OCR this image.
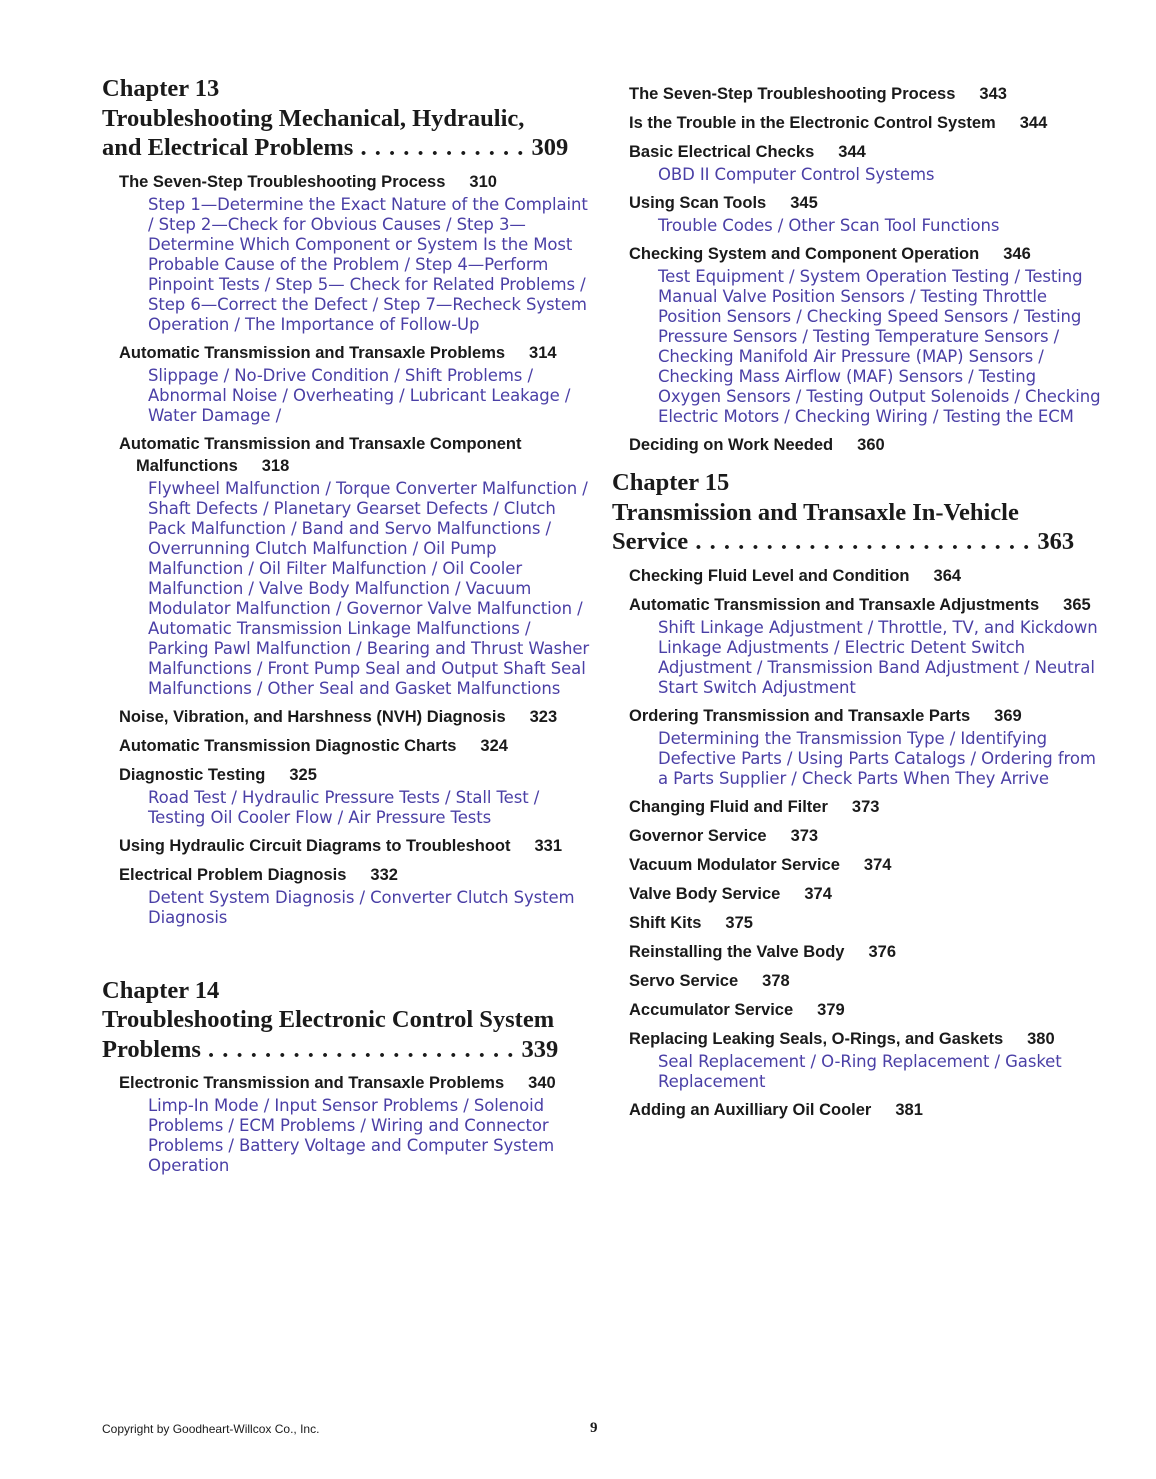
Chapter 13
Troubleshooting Mechanical, Hydraulic,
and Electrical Problems . . . . . . . . . . . . 309
The Seven-Step Troubleshooting Process 310
Step 1—Determine the Exact Nature of the Complaint / Step 2—Check for Obvious Causes / Step 3—Determine Which Component or System Is the Most Probable Cause of the Problem / Step 4—Perform Pinpoint Tests / Step 5— Check for Related Problems / Step 6—Correct the Defect / Step 7—Recheck System Operation / The Importance of Follow-Up
Automatic Transmission and Transaxle Problems 314
Slippage / No-Drive Condition / Shift Problems / Abnormal Noise / Overheating / Lubricant Leakage / Water Damage /
Automatic Transmission and Transaxle Component Malfunctions 318
Flywheel Malfunction / Torque Converter Malfunction / Shaft Defects / Planetary Gearset Defects / Clutch Pack Malfunction / Band and Servo Malfunctions / Overrunning Clutch Malfunction / Oil Pump Malfunction / Oil Filter Malfunction / Oil Cooler Malfunction / Valve Body Malfunction / Vacuum Modulator Malfunction / Governor Valve Malfunction / Automatic Transmission Linkage Malfunctions / Parking Pawl Malfunction / Bearing and Thrust Washer Malfunctions / Front Pump Seal and Output Shaft Seal Malfunctions / Other Seal and Gasket Malfunctions
Noise, Vibration, and Harshness (NVH) Diagnosis 323
Automatic Transmission Diagnostic Charts 324
Diagnostic Testing 325
Road Test / Hydraulic Pressure Tests / Stall Test / Testing Oil Cooler Flow / Air Pressure Tests
Using Hydraulic Circuit Diagrams to Troubleshoot 331
Electrical Problem Diagnosis 332
Detent System Diagnosis / Converter Clutch System Diagnosis
Chapter 14
Troubleshooting Electronic Control System
Problems . . . . . . . . . . . . . . . . . . . . . . 339
Electronic Transmission and Transaxle Problems 340
Limp-In Mode / Input Sensor Problems / Solenoid Problems / ECM Problems / Wiring and Connector Problems / Battery Voltage and Computer System Operation
The Seven-Step Troubleshooting Process 343
Is the Trouble in the Electronic Control System 344
Basic Electrical Checks 344
OBD II Computer Control Systems
Using Scan Tools 345
Trouble Codes / Other Scan Tool Functions
Checking System and Component Operation 346
Test Equipment / System Operation Testing / Testing Manual Valve Position Sensors / Testing Throttle Position Sensors / Checking Speed Sensors / Testing Pressure Sensors / Testing Temperature Sensors / Checking Manifold Air Pressure (MAP) Sensors / Checking Mass Airflow (MAF) Sensors / Testing Oxygen Sensors / Testing Output Solenoids / Checking Electric Motors / Checking Wiring / Testing the ECM
Deciding on Work Needed 360
Chapter 15
Transmission and Transaxle In-Vehicle
Service . . . . . . . . . . . . . . . . . . . . . . . . 363
Checking Fluid Level and Condition 364
Automatic Transmission and Transaxle Adjustments 365
Shift Linkage Adjustment / Throttle, TV, and Kickdown Linkage Adjustments / Electric Detent Switch Adjustment / Transmission Band Adjustment / Neutral Start Switch Adjustment
Ordering Transmission and Transaxle Parts 369
Determining the Transmission Type / Identifying Defective Parts / Using Parts Catalogs / Ordering from a Parts Supplier / Check Parts When They Arrive
Changing Fluid and Filter 373
Governor Service 373
Vacuum Modulator Service 374
Valve Body Service 374
Shift Kits 375
Reinstalling the Valve Body 376
Servo Service 378
Accumulator Service 379
Replacing Leaking Seals, O-Rings, and Gaskets 380
Seal Replacement / O-Ring Replacement / Gasket Replacement
Adding an Auxilliary Oil Cooler 381
Copyright by Goodheart-Willcox Co., Inc.	9
